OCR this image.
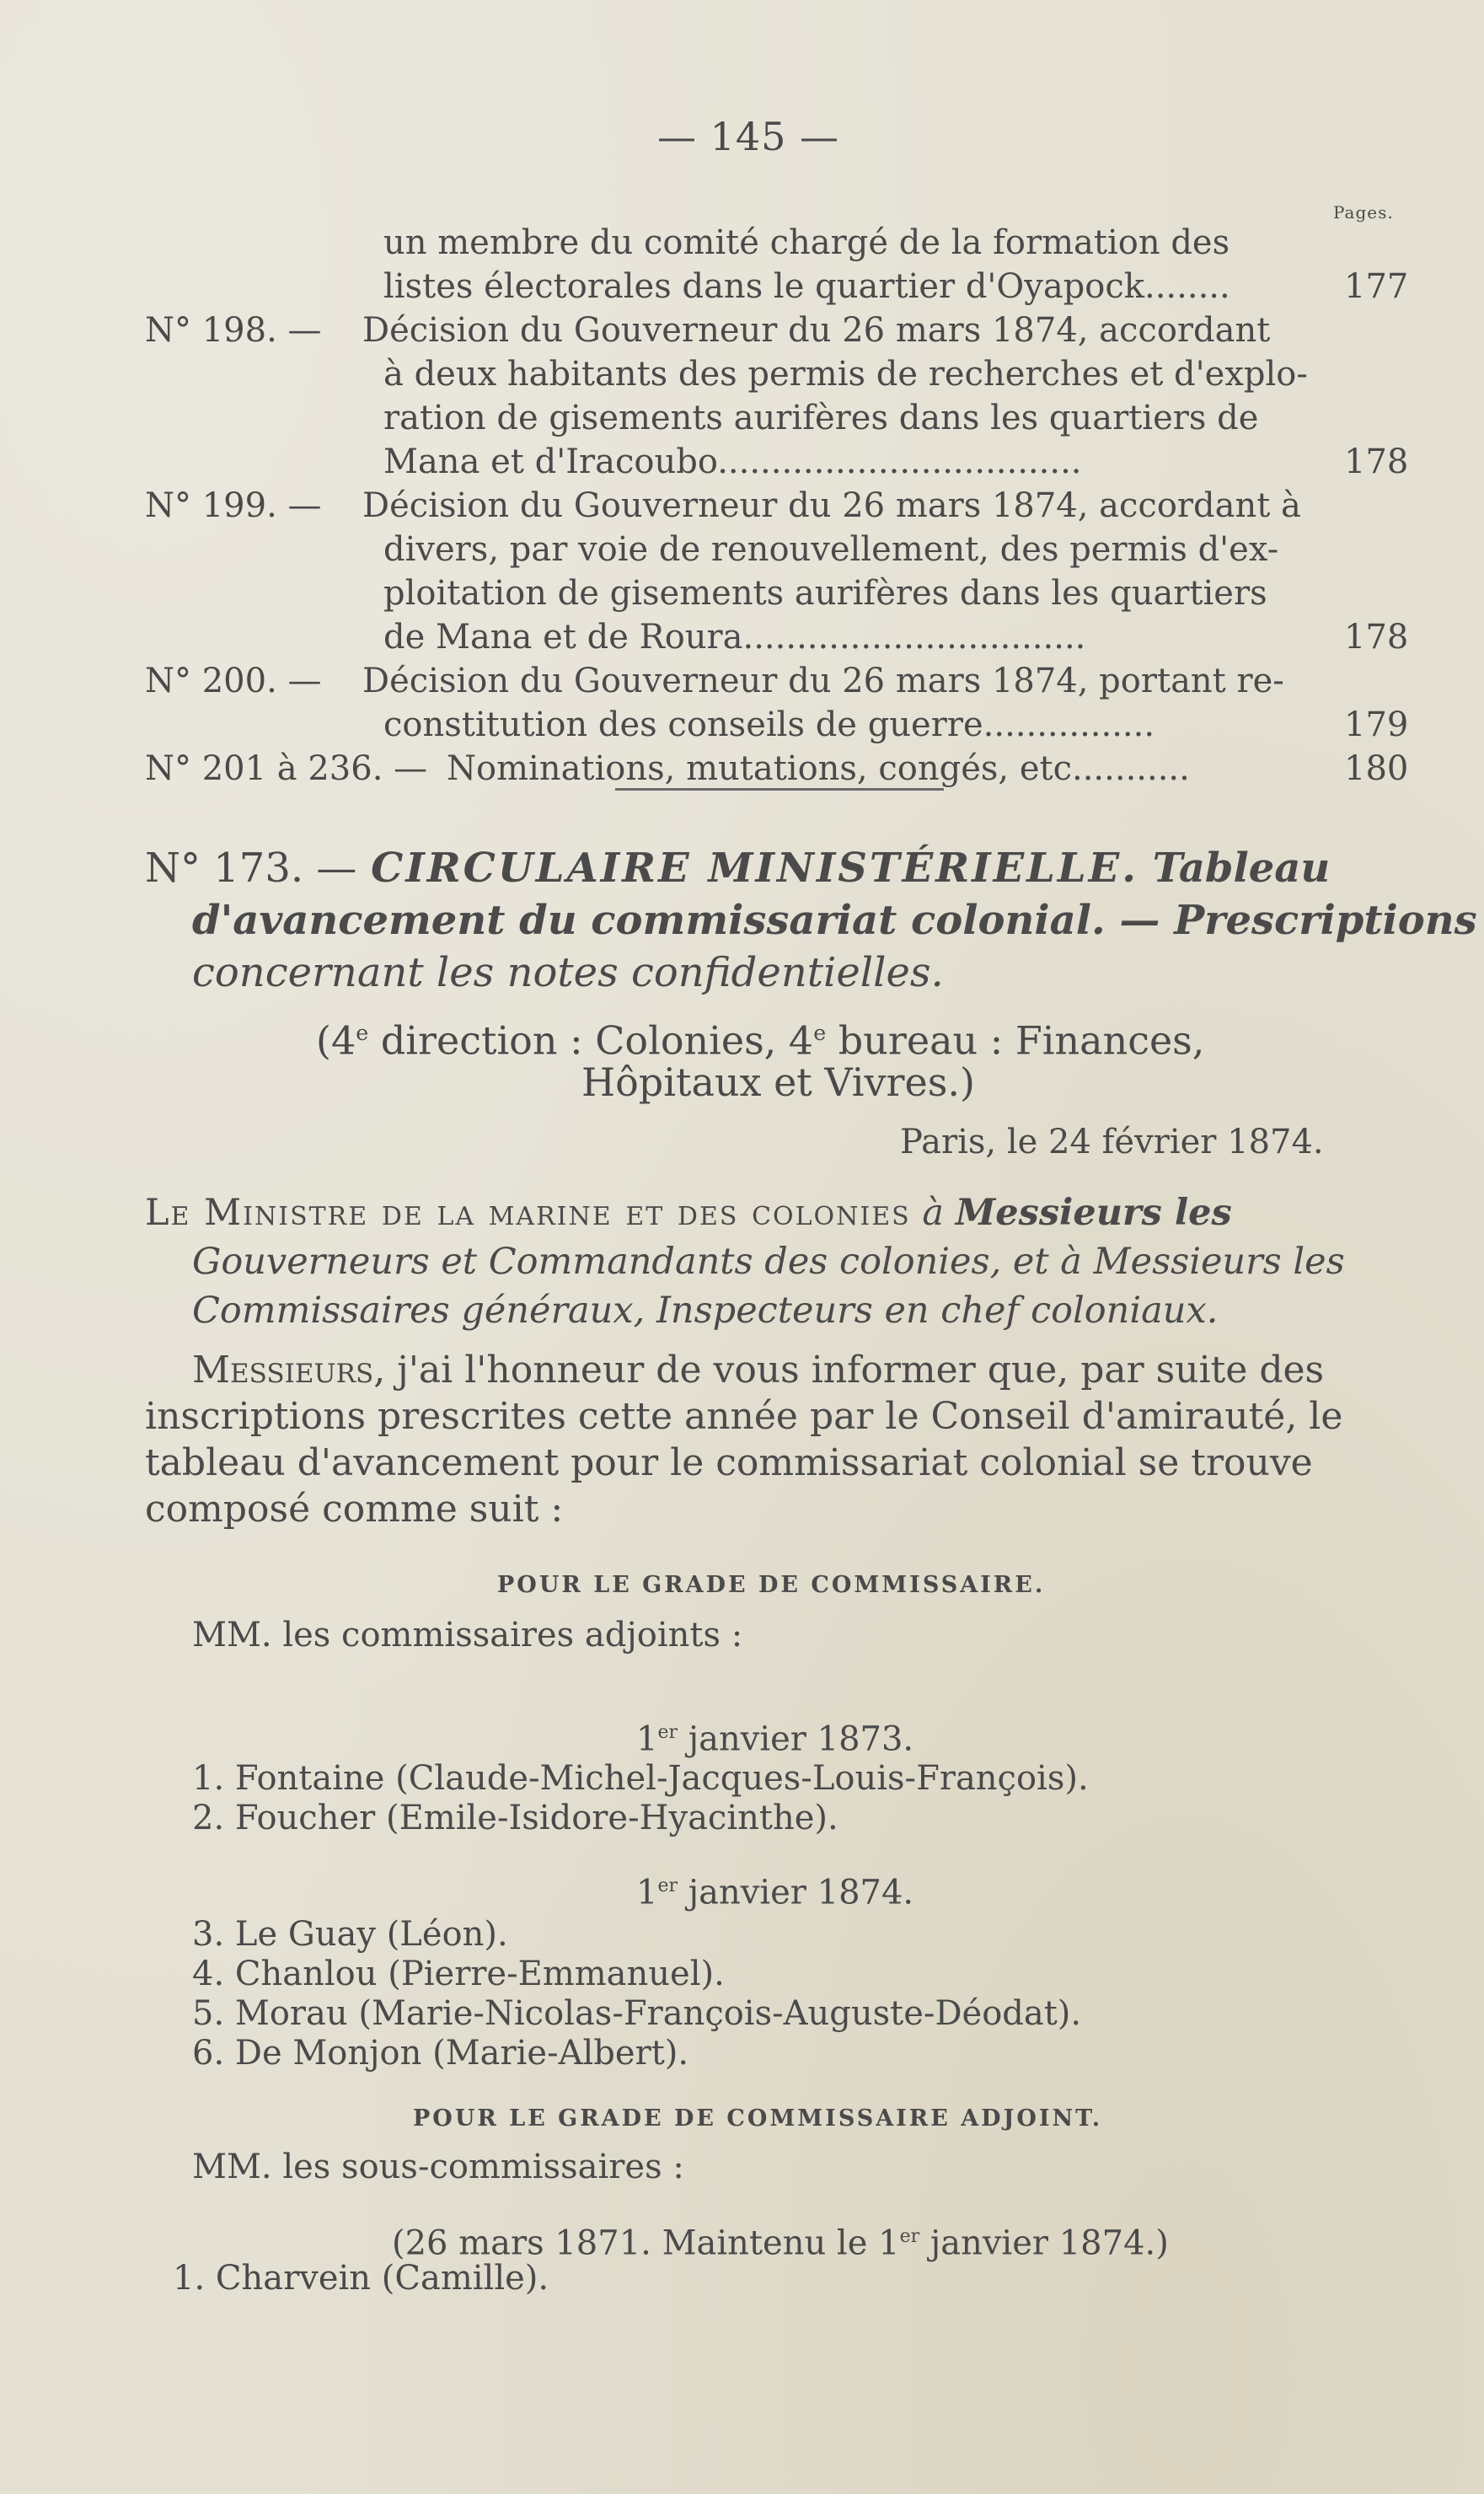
— 145 —
Pages.
un membre du comité chargé de la formation des
listes électorales dans le quartier d'Oyapock........	177
N° 198. — Décision du Gouverneur du 26 mars 1874, accordant
à deux habitants des permis de recherches et d'explo-
ration de gisements aurifères dans les quartiers de
Mana et d'Iracoubo..................................	178
N° 199. — Décision du Gouverneur du 26 mars 1874, accordant à
divers, par voie de renouvellement, des permis d'ex-
ploitation de gisements aurifères dans les quartiers
de Mana et de Roura................................	178
N° 200. — Décision du Gouverneur du 26 mars 1874, portant re-
constitution des conseils de guerre................	179
N° 201 à 236. — Nominations, mutations, congés, etc...........	180
N° 173. — CIRCULAIRE MINISTÉRIELLE. Tableau
d'avancement du commissariat colonial. — Prescriptions
concernant les notes confidentielles.
(4e direction : Colonies, 4e bureau : Finances,
Hôpitaux et Vivres.)
Paris, le 24 février 1874.
Le Ministre de la marine et des colonies à Messieurs les
Gouverneurs et Commandants des colonies, et à Messieurs les
Commissaires généraux, Inspecteurs en chef coloniaux.
Messieurs, j'ai l'honneur de vous informer que, par suite des
inscriptions prescrites cette année par le Conseil d'amirauté, le
tableau d'avancement pour le commissariat colonial se trouve
composé comme suit :
POUR LE GRADE DE COMMISSAIRE.
MM. les commissaires adjoints :
1er janvier 1873.
1. Fontaine (Claude-Michel-Jacques-Louis-François).
2. Foucher (Emile-Isidore-Hyacinthe).
1er janvier 1874.
3. Le Guay (Léon).
4. Chanlou (Pierre-Emmanuel).
5. Morau (Marie-Nicolas-François-Auguste-Déodat).
6. De Monjon (Marie-Albert).
POUR LE GRADE DE COMMISSAIRE ADJOINT.
MM. les sous-commissaires :
(26 mars 1871. Maintenu le 1er janvier 1874.)
1. Charvein (Camille).
